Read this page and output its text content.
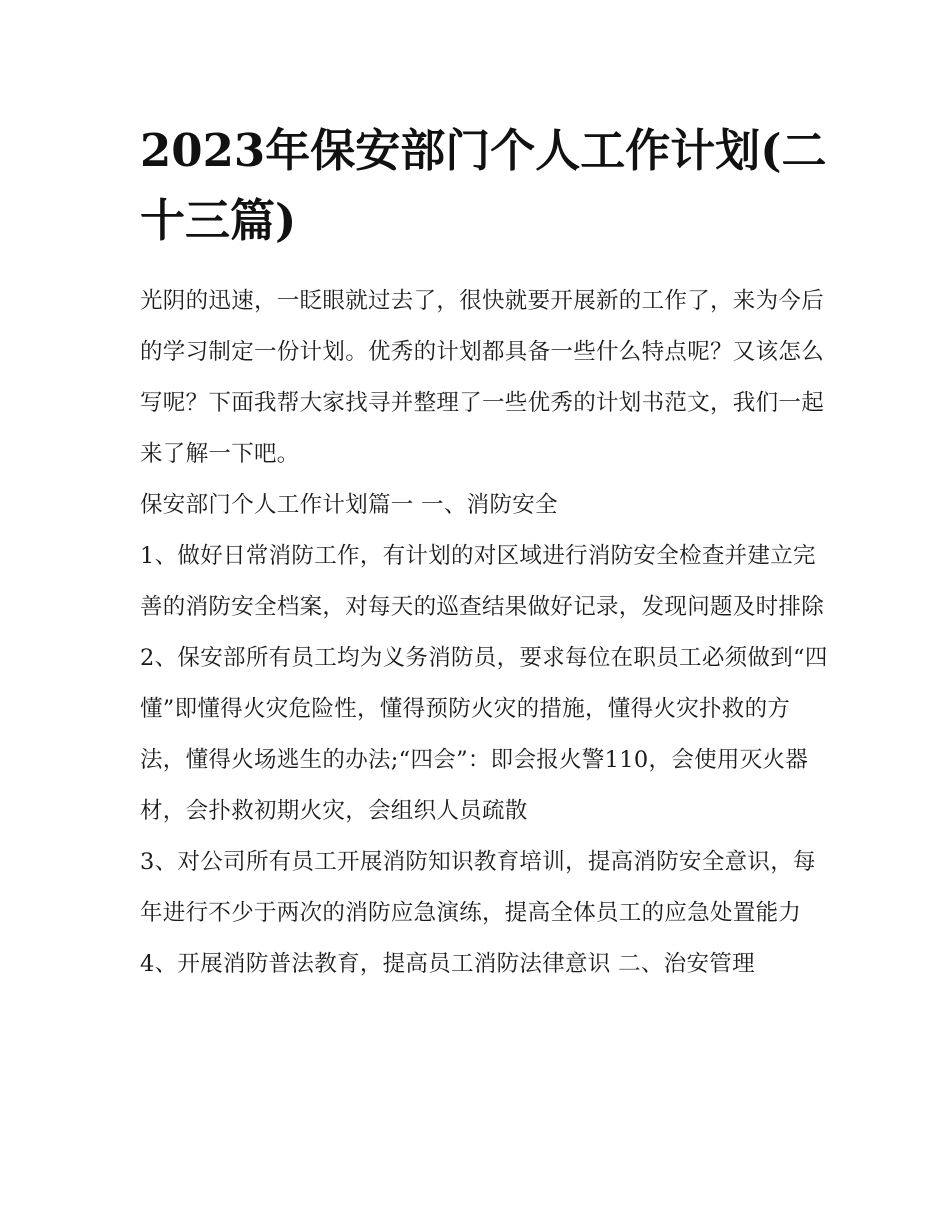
2023年保安部门个人工作计划(二十三篇)

光阴的迅速，一眨眼就过去了，很快就要开展新的工作了，来为今后的学习制定一份计划。优秀的计划都具备一些什么特点呢？又该怎么写呢？下面我帮大家找寻并整理了一些优秀的计划书范文，我们一起来了解一下吧。

保安部门个人工作计划篇一 一、消防安全

1、做好日常消防工作，有计划的对区域进行消防安全检查并建立完善的消防安全档案，对每天的巡查结果做好记录，发现问题及时排除

2、保安部所有员工均为义务消防员，要求每位在职员工必须做到“四懂”即懂得火灾危险性，懂得预防火灾的措施，懂得火灾扑救的方法，懂得火场逃生的办法;“四会”：即会报火警110，会使用灭火器材，会扑救初期火灾，会组织人员疏散

3、对公司所有员工开展消防知识教育培训，提高消防安全意识，每年进行不少于两次的消防应急演练，提高全体员工的应急处置能力

4、开展消防普法教育，提高员工消防法律意识 二、治安管理
